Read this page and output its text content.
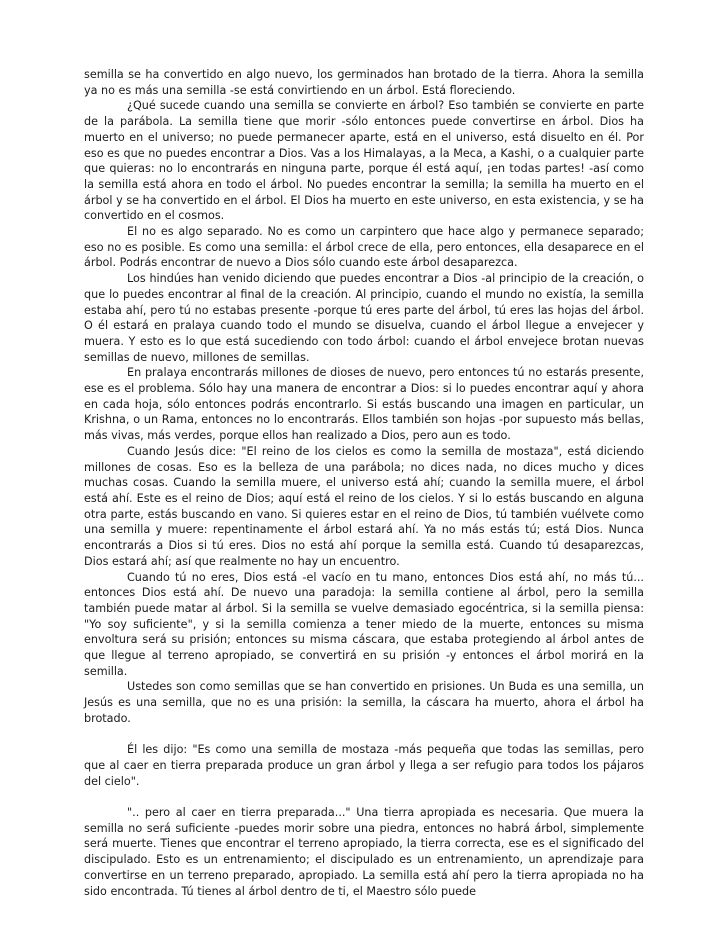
semilla se ha convertido en algo nuevo, los germinados han brotado de la tierra. Ahora la semilla ya no es más una semilla -se está convirtiendo en un árbol. Está floreciendo.

¿Qué sucede cuando una semilla se convierte en árbol? Eso también se convierte en parte de la parábola. La semilla tiene que morir -sólo entonces puede convertirse en árbol. Dios ha muerto en el universo; no puede permanecer aparte, está en el universo, está disuelto en él. Por eso es que no puedes encontrar a Dios. Vas a los Himalayas, a la Meca, a Kashi, o a cualquier parte que quieras: no lo encontrarás en ninguna parte, porque él está aquí, ¡en todas partes! -así como la semilla está ahora en todo el árbol. No puedes encontrar la semilla; la semilla ha muerto en el árbol y se ha convertido en el árbol. El Dios ha muerto en este universo, en esta existencia, y se ha convertido en el cosmos.

El no es algo separado. No es como un carpintero que hace algo y permanece separado; eso no es posible. Es como una semilla: el árbol crece de ella, pero entonces, ella desaparece en el árbol. Podrás encontrar de nuevo a Dios sólo cuando este árbol desaparezca.

Los hindúes han venido diciendo que puedes encontrar a Dios -al principio de la creación, o que lo puedes encontrar al final de la creación. Al principio, cuando el mundo no existía, la semilla estaba ahí, pero tú no estabas presente -porque tú eres parte del árbol, tú eres las hojas del árbol. O él estará en pralaya cuando todo el mundo se disuelva, cuando el árbol llegue a envejecer y muera. Y esto es lo que está sucediendo con todo árbol: cuando el árbol envejece brotan nuevas semillas de nuevo, millones de semillas.

En pralaya encontrarás millones de dioses de nuevo, pero entonces tú no estarás presente, ese es el problema. Sólo hay una manera de encontrar a Dios: si lo puedes encontrar aquí y ahora en cada hoja, sólo entonces podrás encontrarlo. Si estás buscando una imagen en particular, un Krishna, o un Rama, entonces no lo encontrarás. Ellos también son hojas -por supuesto más bellas, más vivas, más verdes, porque ellos han realizado a Dios, pero aun es todo.

Cuando Jesús dice: "El reino de los cielos es como la semilla de mostaza", está diciendo millones de cosas. Eso es la belleza de una parábola; no dices nada, no dices mucho y dices muchas cosas. Cuando la semilla muere, el universo está ahí; cuando la semilla muere, el árbol está ahí. Este es el reino de Dios; aquí está el reino de los cielos. Y si lo estás buscando en alguna otra parte, estás buscando en vano. Si quieres estar en el reino de Dios, tú también vuélvete como una semilla y muere: repentinamente el árbol estará ahí. Ya no más estás tú; está Dios. Nunca encontrarás a Dios si tú eres. Dios no está ahí porque la semilla está. Cuando tú desaparezcas, Dios estará ahí; así que realmente no hay un encuentro.

Cuando tú no eres, Dios está -el vacío en tu mano, entonces Dios está ahí, no más tú... entonces Dios está ahí. De nuevo una paradoja: la semilla contiene al árbol, pero la semilla también puede matar al árbol. Si la semilla se vuelve demasiado egocéntrica, si la semilla piensa: "Yo soy suficiente", y si la semilla comienza a tener miedo de la muerte, entonces su misma envoltura será su prisión; entonces su misma cáscara, que estaba protegiendo al árbol antes de que llegue al terreno apropiado, se convertirá en su prisión -y entonces el árbol morirá en la semilla.

Ustedes son como semillas que se han convertido en prisiones. Un Buda es una semilla, un Jesús es una semilla, que no es una prisión: la semilla, la cáscara ha muerto, ahora el árbol ha brotado.

Él les dijo: "Es como una semilla de mostaza -más pequeña que todas las semillas, pero que al caer en tierra preparada produce un gran árbol y llega a ser refugio para todos los pájaros del cielo".

".. pero al caer en tierra preparada..." Una tierra apropiada es necesaria. Que muera la semilla no será suficiente -puedes morir sobre una piedra, entonces no habrá árbol, simplemente será muerte. Tienes que encontrar el terreno apropiado, la tierra correcta, ese es el significado del discipulado. Esto es un entrenamiento; el discipulado es un entrenamiento, un aprendizaje para convertirse en un terreno preparado, apropiado. La semilla está ahí pero la tierra apropiada no ha sido encontrada. Tú tienes al árbol dentro de ti, el Maestro sólo puede
